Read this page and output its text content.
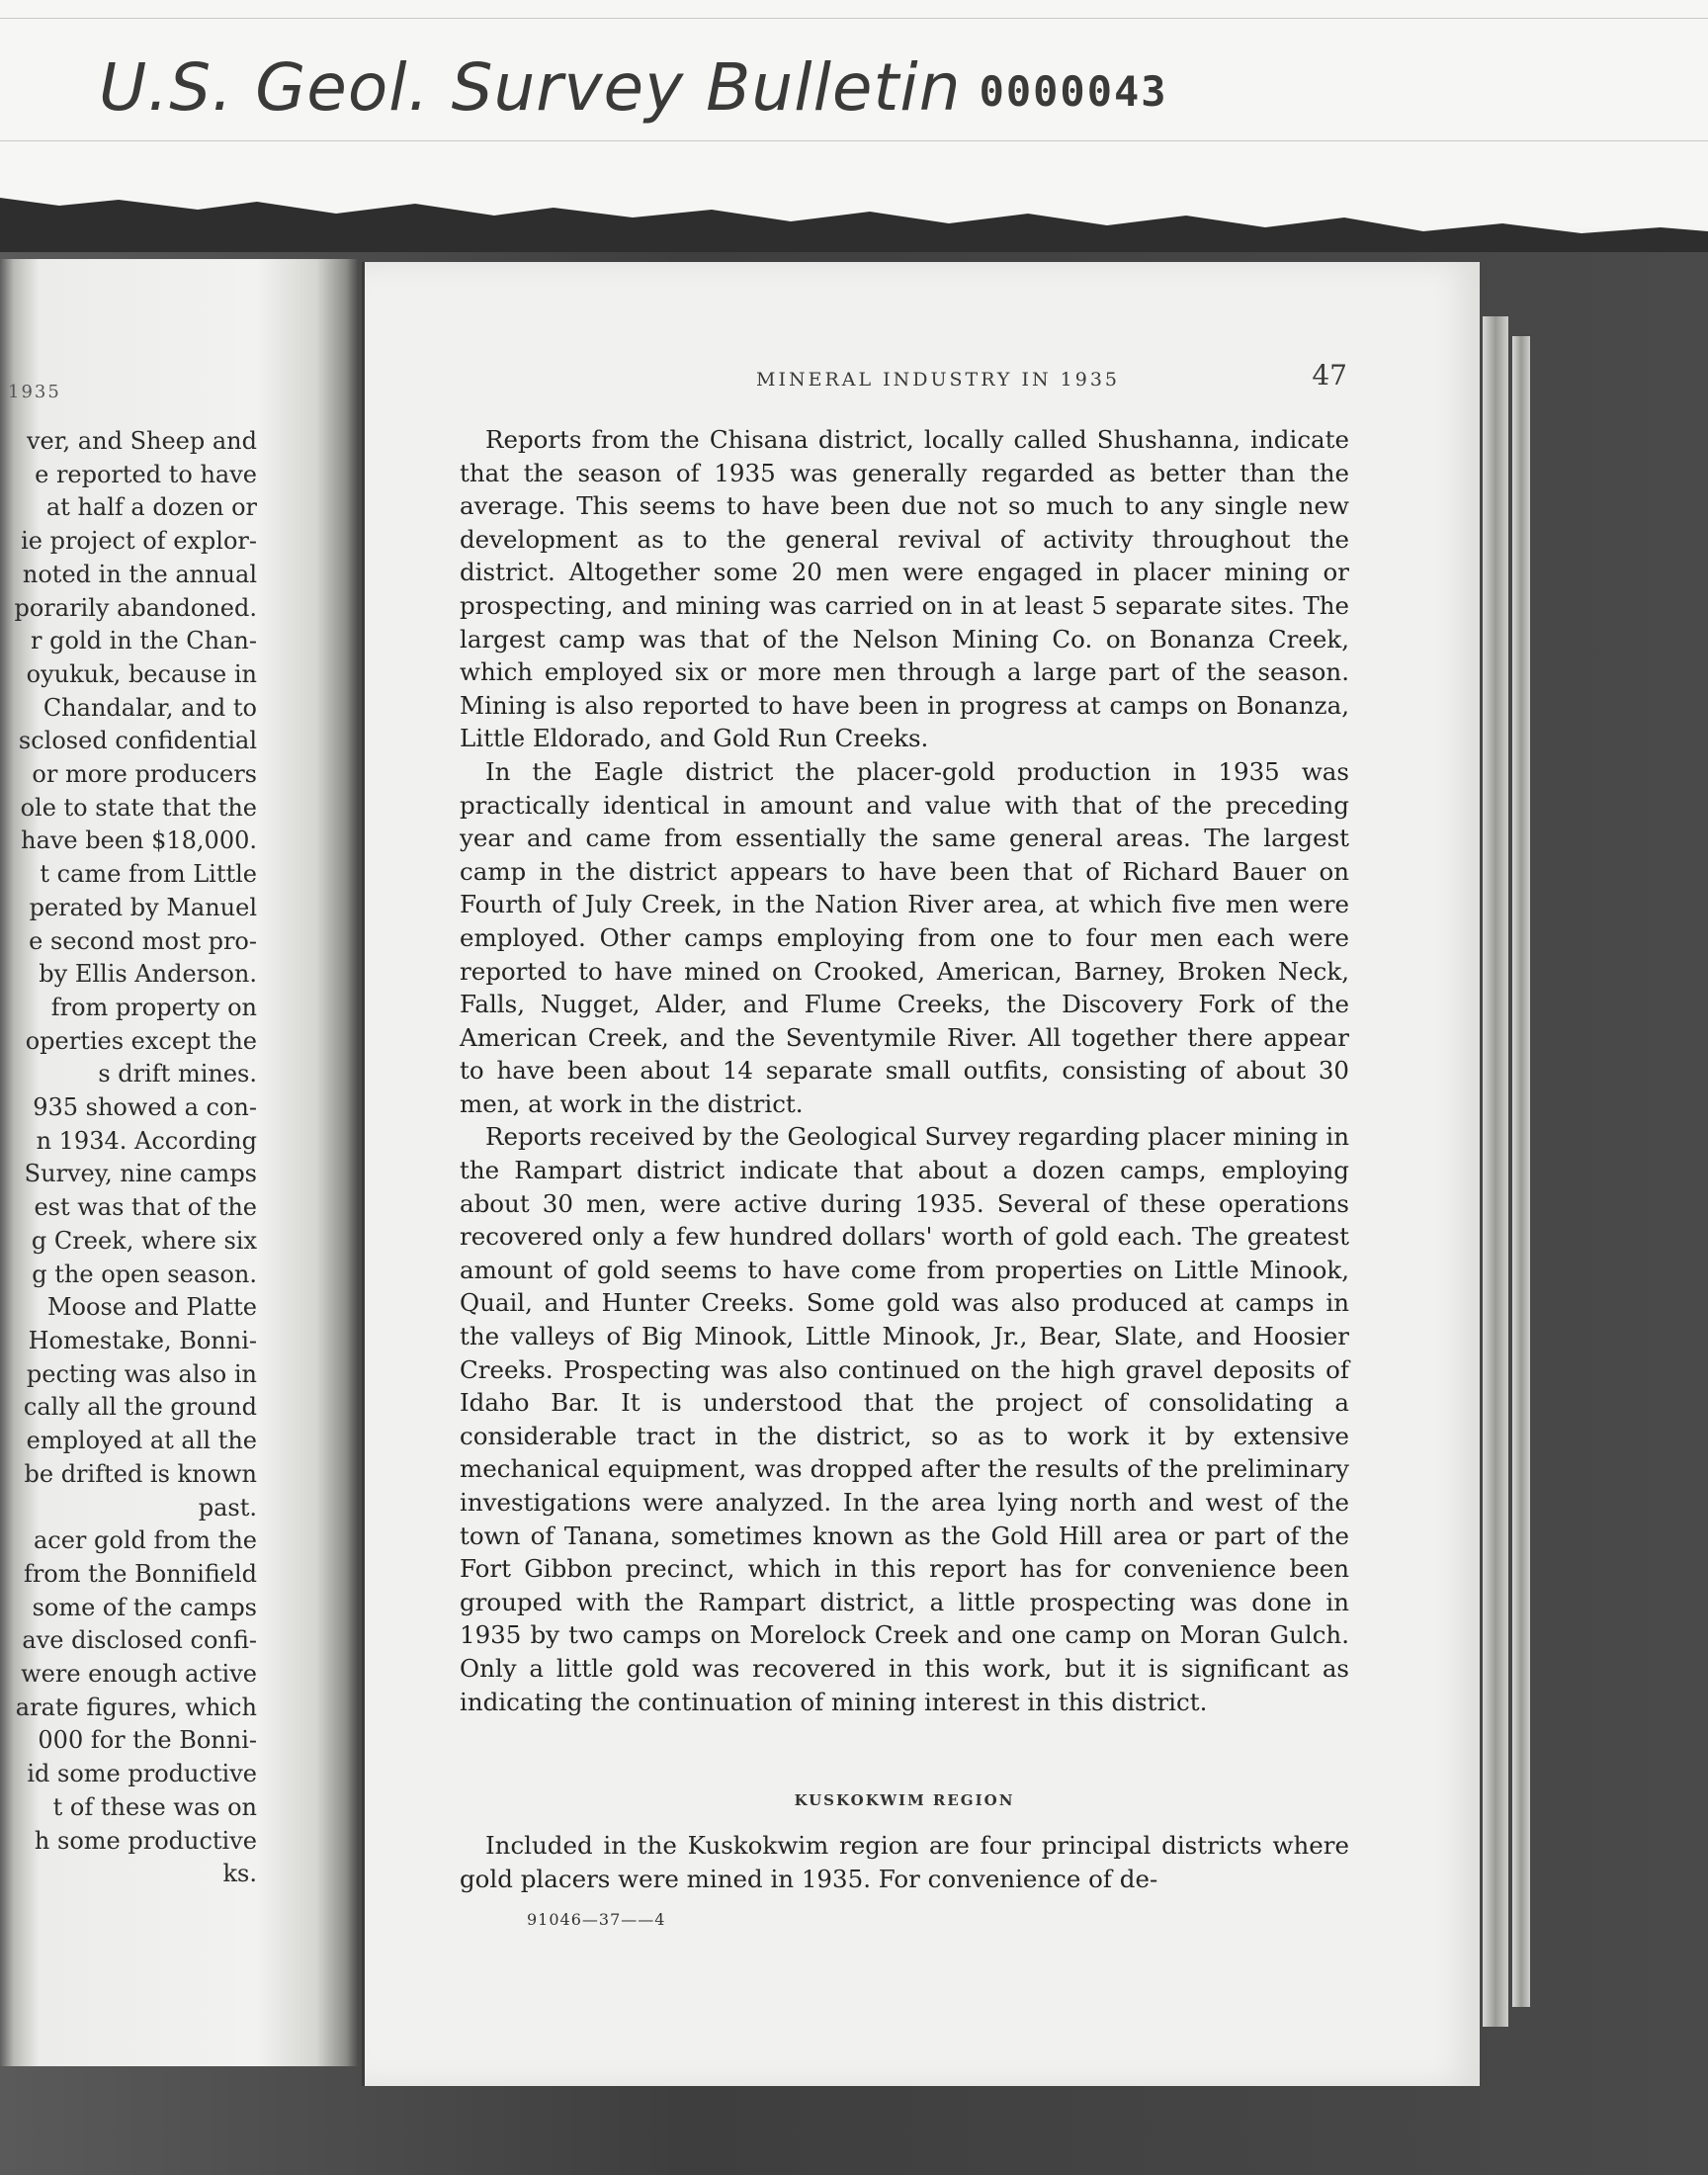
U.S. Geol. Survey Bulletin 0000043
1935
ver, and Sheep and
e reported to have
at half a dozen or
ie project of explor-
noted in the annual
porarily abandoned.
r gold in the Chan-
oyukuk, because in
Chandalar, and to
sclosed confidential
or more producers
ole to state that the
have been $18,000.
t came from Little
perated by Manuel
e second most pro-
by Ellis Anderson.
from property on
operties except the
s drift mines.
935 showed a con-
n 1934. According
Survey, nine camps
est was that of the
g Creek, where six
g the open season.
Moose and Platte
Homestake, Bonni-
pecting was also in
cally all the ground
employed at all the
be drifted is known
past.
acer gold from the
from the Bonnifield
some of the camps
ave disclosed confi-
were enough active
arate figures, which
000 for the Bonni-
id some productive
t of these was on
h some productive
ks.
MINERAL INDUSTRY IN 1935	47

Reports from the Chisana district, locally called Shushanna, indicate that the season of 1935 was generally regarded as better than the average. This seems to have been due not so much to any single new development as to the general revival of activity throughout the district. Altogether some 20 men were engaged in placer mining or prospecting, and mining was carried on in at least 5 separate sites. The largest camp was that of the Nelson Mining Co. on Bonanza Creek, which employed six or more men through a large part of the season. Mining is also reported to have been in progress at camps on Bonanza, Little Eldorado, and Gold Run Creeks.

In the Eagle district the placer-gold production in 1935 was practically identical in amount and value with that of the preceding year and came from essentially the same general areas. The largest camp in the district appears to have been that of Richard Bauer on Fourth of July Creek, in the Nation River area, at which five men were employed. Other camps employing from one to four men each were reported to have mined on Crooked, American, Barney, Broken Neck, Falls, Nugget, Alder, and Flume Creeks, the Discovery Fork of the American Creek, and the Seventymile River. All together there appear to have been about 14 separate small outfits, consisting of about 30 men, at work in the district.

Reports received by the Geological Survey regarding placer mining in the Rampart district indicate that about a dozen camps, employing about 30 men, were active during 1935. Several of these operations recovered only a few hundred dollars' worth of gold each. The greatest amount of gold seems to have come from properties on Little Minook, Quail, and Hunter Creeks. Some gold was also produced at camps in the valleys of Big Minook, Little Minook, Jr., Bear, Slate, and Hoosier Creeks. Prospecting was also continued on the high gravel deposits of Idaho Bar. It is understood that the project of consolidating a considerable tract in the district, so as to work it by extensive mechanical equipment, was dropped after the results of the preliminary investigations were analyzed. In the area lying north and west of the town of Tanana, sometimes known as the Gold Hill area or part of the Fort Gibbon precinct, which in this report has for convenience been grouped with the Rampart district, a little prospecting was done in 1935 by two camps on Morelock Creek and one camp on Moran Gulch. Only a little gold was recovered in this work, but it is significant as indicating the continuation of mining interest in this district.

KUSKOKWIM REGION

Included in the Kuskokwim region are four principal districts where gold placers were mined in 1935. For convenience of de-

91046—37——4
